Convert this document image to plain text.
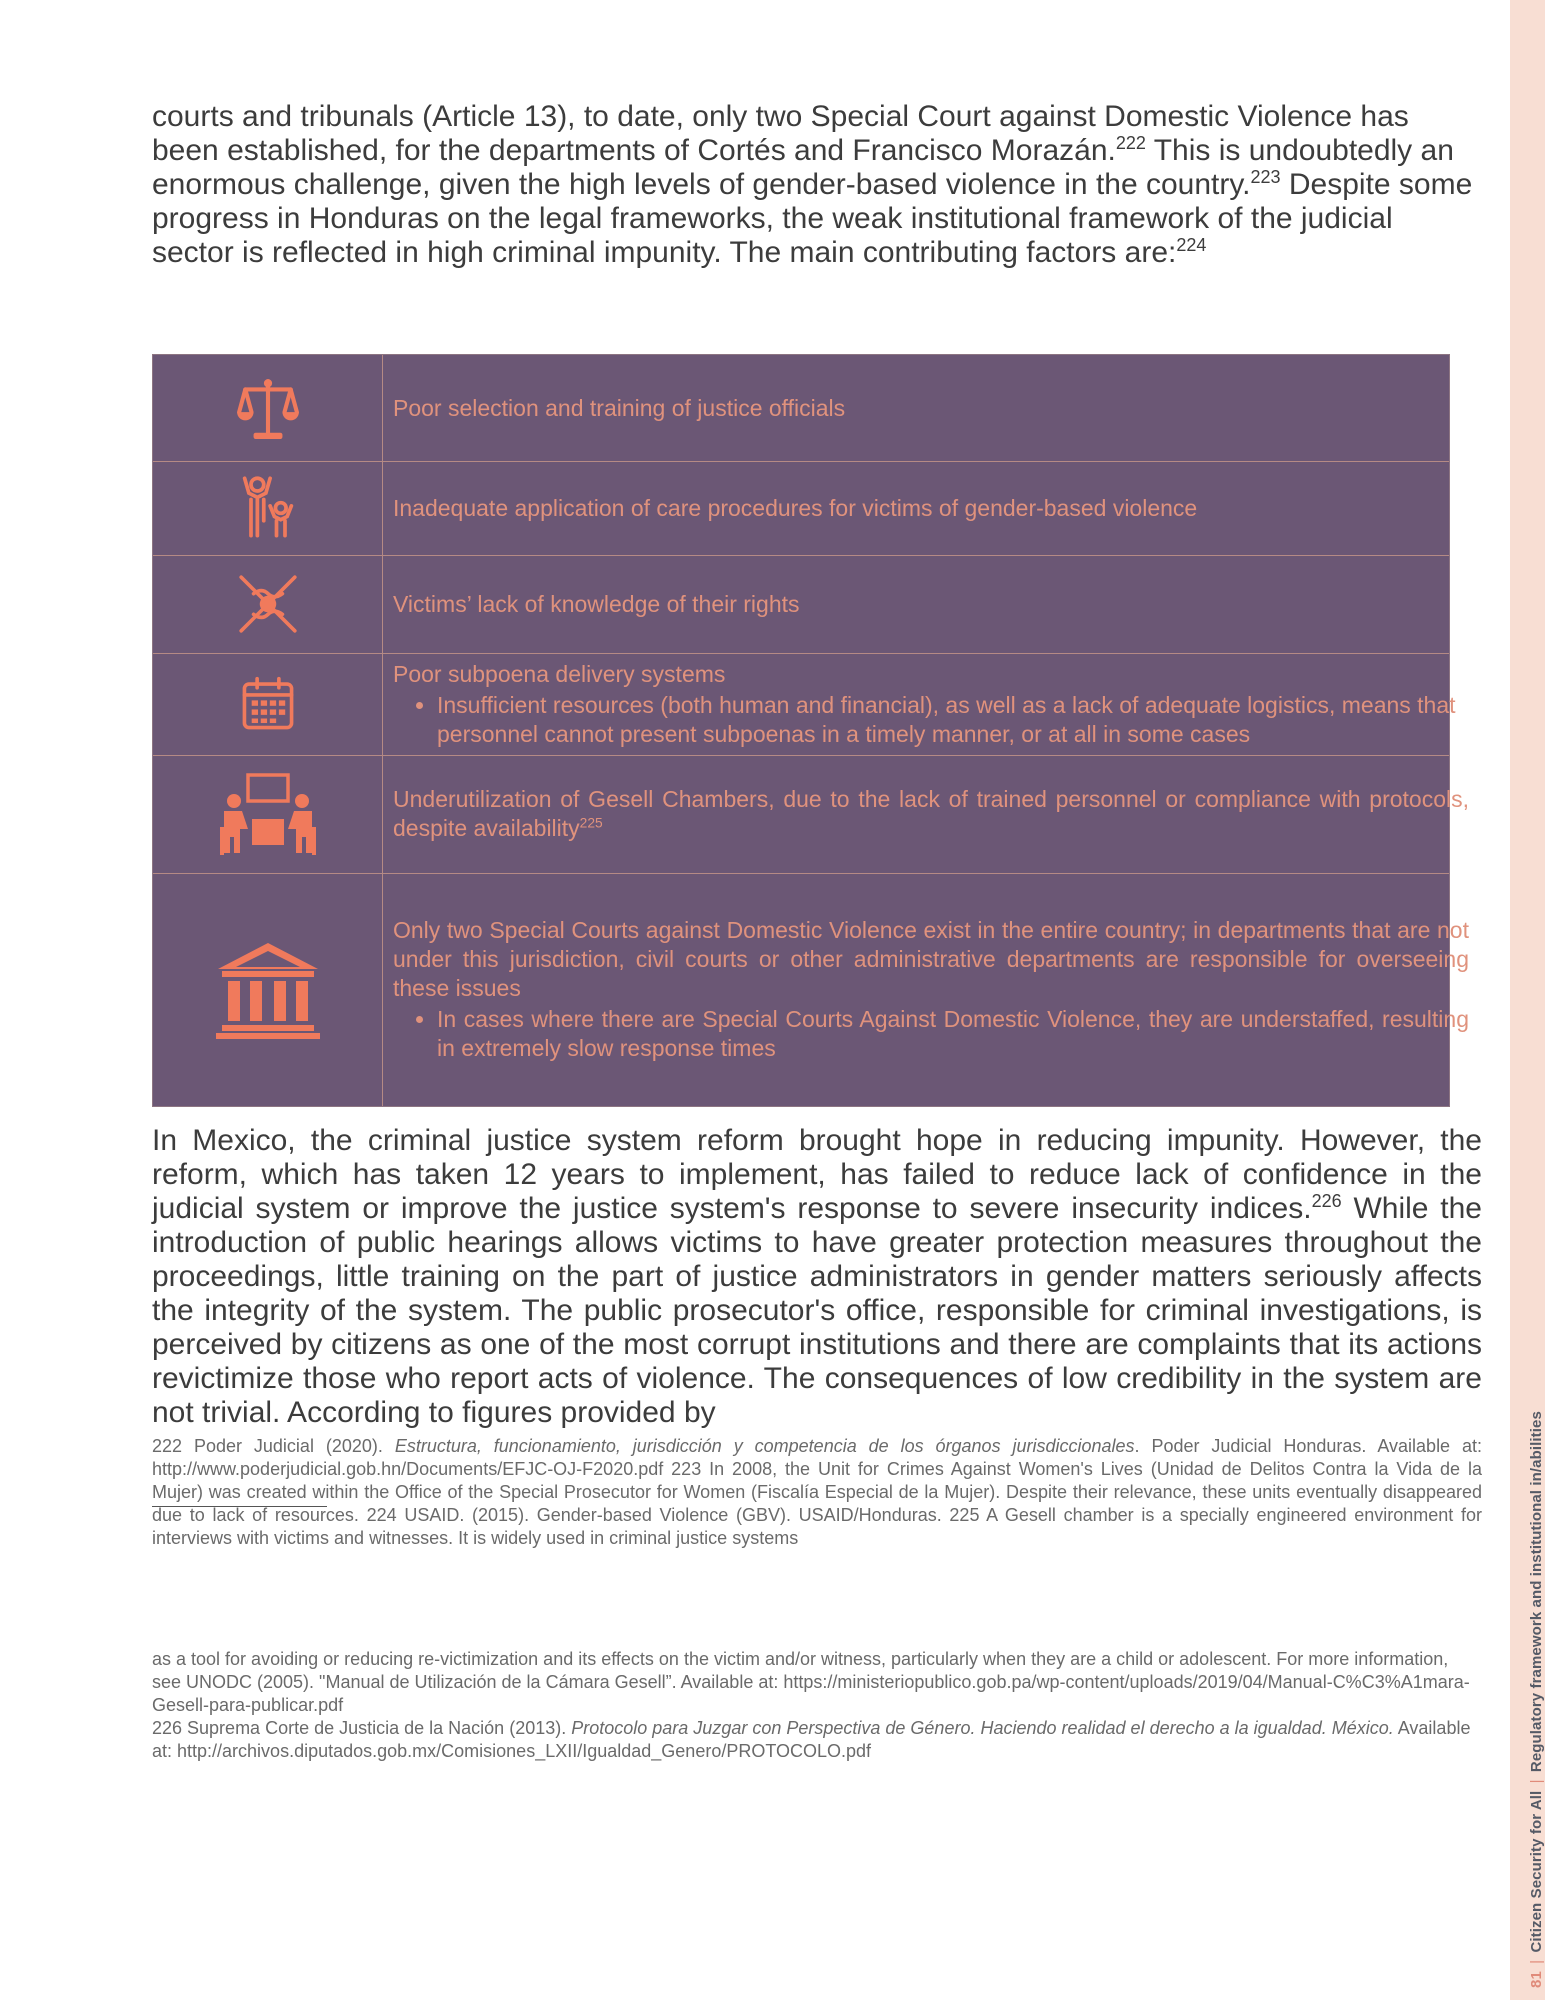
81 | Citizen Security for All | Regulatory framework and institutional in/abilities

courts and tribunals (Article 13), to date, only two Special Court against Domestic Violence has been established, for the departments of Cortés and Francisco Morazán.$^{222}$ This is undoubtedly an enormous challenge, given the high levels of gender-based violence in the country.$^{223}$ Despite some progress in Honduras on the legal frameworks, the weak institutional framework of the judicial sector is reflected in high criminal impunity. The main contributing factors are:$^{224}$

Poor selection and training of justice officials
Inadequate application of care procedures for victims of gender-based violence
Victims’ lack of knowledge of their rights
Poor subpoena delivery systems
• Insufficient resources (both human and financial), as well as a lack of adequate logistics, means that personnel cannot present subpoenas in a timely manner, or at all in some cases
Underutilization of Gesell Chambers, due to the lack of trained personnel or compliance with protocols, despite availability$^{225}$
Only two Special Courts against Domestic Violence exist in the entire country; in departments that are not under this jurisdiction, civil courts or other administrative departments are responsible for overseeing these issues
• In cases where there are Special Courts Against Domestic Violence, they are understaffed, resulting in extremely slow response times

In Mexico, the criminal justice system reform brought hope in reducing impunity. However, the reform, which has taken 12 years to implement, has failed to reduce lack of confidence in the judicial system or improve the justice system's response to severe insecurity indices.$^{226}$ While the introduction of public hearings allows victims to have greater protection measures throughout the proceedings, little training on the part of justice administrators in gender matters seriously affects the integrity of the system. The public prosecutor's office, responsible for criminal investigations, is perceived by citizens as one of the most corrupt institutions and there are complaints that its actions revictimize those who report acts of violence. The consequences of low credibility in the system are not trivial. According to figures provided by

222 Poder Judicial (2020). Estructura, funcionamiento, jurisdicción y competencia de los órganos jurisdiccionales. Poder Judicial Honduras. Available at: http://www.poderjudicial.gob.hn/Documents/EFJC-OJ-F2020.pdf 223 In 2008, the Unit for Crimes Against Women's Lives (Unidad de Delitos Contra la Vida de la Mujer) was created within the Office of the Special Prosecutor for Women (Fiscalía Especial de la Mujer). Despite their relevance, these units eventually disappeared due to lack of resources. 224 USAID. (2015). Gender-based Violence (GBV). USAID/Honduras. 225 A Gesell chamber is a specially engineered environment for interviews with victims and witnesses. It is widely used in criminal justice systems

as a tool for avoiding or reducing re-victimization and its effects on the victim and/or witness, particularly when they are a child or adolescent. For more information, see UNODC (2005). "Manual de Utilización de la Cámara Gesell”. Available at: https://ministeriopublico.gob.pa/wp-content/uploads/2019/04/Manual-C%C3%A1mara-Gesell-para-publicar.pdf

226 Suprema Corte de Justicia de la Nación (2013). Protocolo para Juzgar con Perspectiva de Género. Haciendo realidad el derecho a la igualdad. México. Available at: http://archivos.diputados.gob.mx/Comisiones_LXII/Igualdad_Genero/PROTOCOLO.pdf
